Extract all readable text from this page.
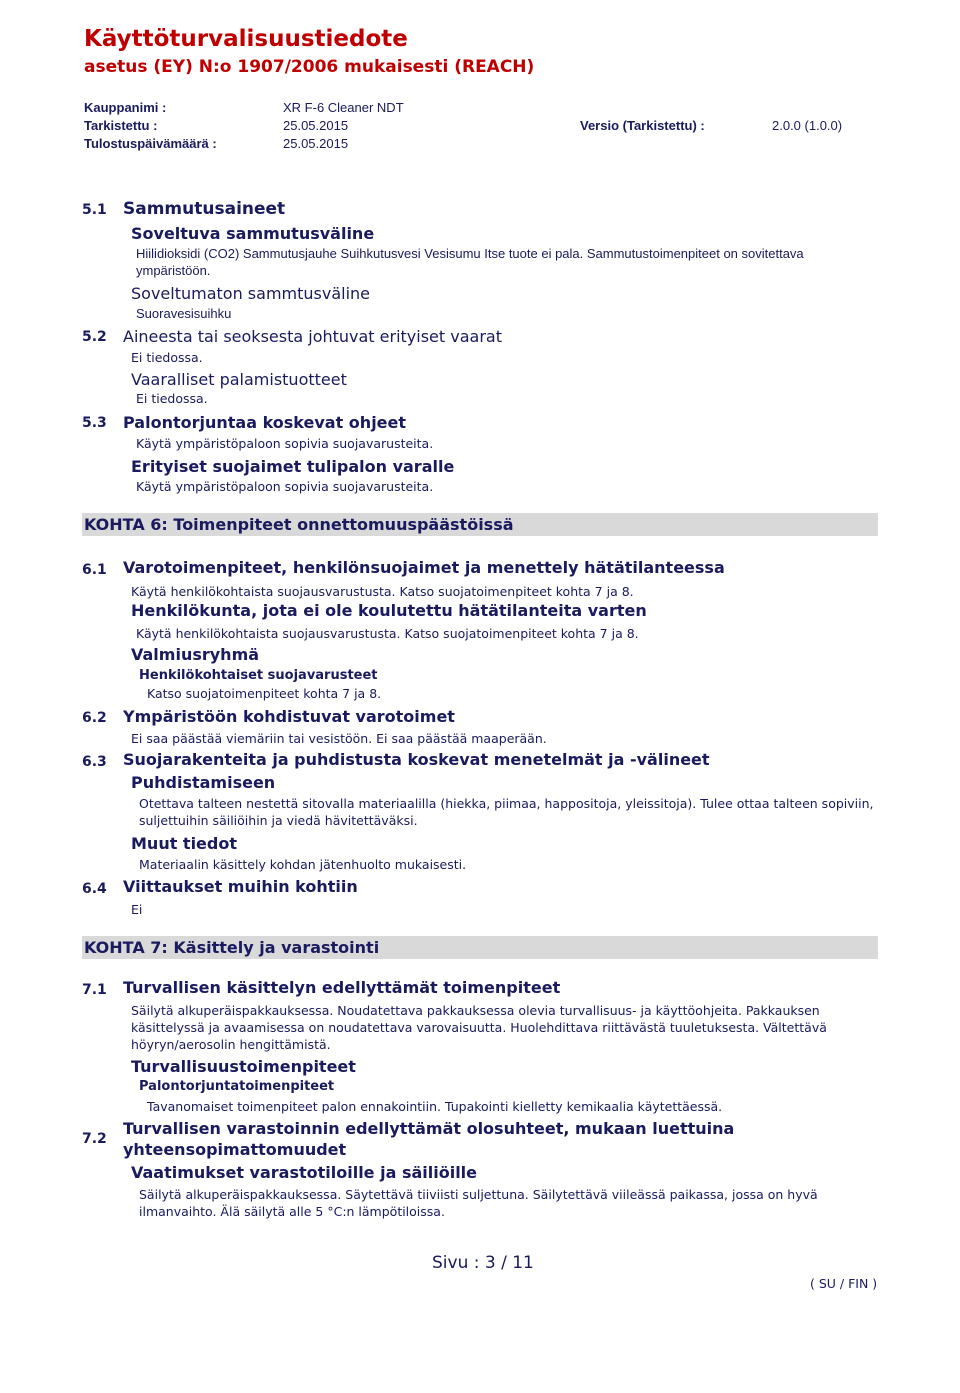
Käyttöturvalisuustiedote
asetus (EY) N:o 1907/2006 mukaisesti (REACH)
Kauppanimi :	XR F-6 Cleaner NDT
Tarkistettu :	25.05.2015	Versio (Tarkistettu) :	2.0.0 (1.0.0)
Tulostuspäivämäärä :	25.05.2015
5.1 Sammutusaineet
Soveltuva sammutusväline
Hiilidioksidi (CO2) Sammutusjauhe Suihkutusvesi Vesisumu Itse tuote ei pala. Sammutustoimenpiteet on sovitettava ympäristöön.
Soveltumaton sammtusväline
Suoravesisuihku
5.2 Aineesta tai seoksesta johtuvat erityiset vaarat
Ei tiedossa.
Vaaralliset palamistuotteet
Ei tiedossa.
5.3 Palontorjuntaa koskevat ohjeet
Käytä ympäristöpaloon sopivia suojavarusteita.
Erityiset suojaimet tulipalon varalle
Käytä ympäristöpaloon sopivia suojavarusteita.
KOHTA 6: Toimenpiteet onnettomuuspäästöissä
6.1 Varotoimenpiteet, henkilönsuojaimet ja menettely hätätilanteessa
Käytä henkilökohtaista suojausvarustusta. Katso suojatoimenpiteet kohta 7 ja 8.
Henkilökunta, jota ei ole koulutettu hätätilanteita varten
Käytä henkilökohtaista suojausvarustusta. Katso suojatoimenpiteet kohta 7 ja 8.
Valmiusryhmä
Henkilökohtaiset suojavarusteet
Katso suojatoimenpiteet kohta 7 ja 8.
6.2 Ympäristöön kohdistuvat varotoimet
Ei saa päästää viemäriin tai vesistöön. Ei saa päästää maaperään.
6.3 Suojarakenteita ja puhdistusta koskevat menetelmät ja -välineet
Puhdistamiseen
Otettava talteen nestettä sitovalla materiaalilla (hiekka, piimaa, happositoja, yleissitoja). Tulee ottaa talteen sopiviin, suljettuihin säiliöihin ja viedä hävitettäväksi.
Muut tiedot
Materiaalin käsittely kohdan jätenhuolto mukaisesti.
6.4 Viittaukset muihin kohtiin
Ei
KOHTA 7: Käsittely ja varastointi
7.1 Turvallisen käsittelyn edellyttämät toimenpiteet
Säilytä alkuperäispakkauksessa. Noudatettava pakkauksessa olevia turvallisuus- ja käyttöohjeita. Pakkauksen käsittelyssä ja avaamisessa on noudatettava varovaisuutta. Huolehdittava riittävästä tuuletuksesta. Vältettävä höyryn/aerosolin hengittämistä.
Turvallisuustoimenpiteet
Palontorjuntatoimenpiteet
Tavanomaiset toimenpiteet palon ennakointiin. Tupakointi kielletty kemikaalia käytettäessä.
7.2
Turvallisen varastoinnin edellyttämät olosuhteet, mukaan luettuina yhteensopimattomuudet
Vaatimukset varastotiloille ja säiliöille
Säilytä alkuperäispakkauksessa. Säytettävä tiiviisti suljettuna. Säilytettävä viileässä paikassa, jossa on hyvä ilmanvaihto. Älä säilytä alle 5 °C:n lämpötiloissa.
Sivu : 3 / 11
( SU / FIN )
